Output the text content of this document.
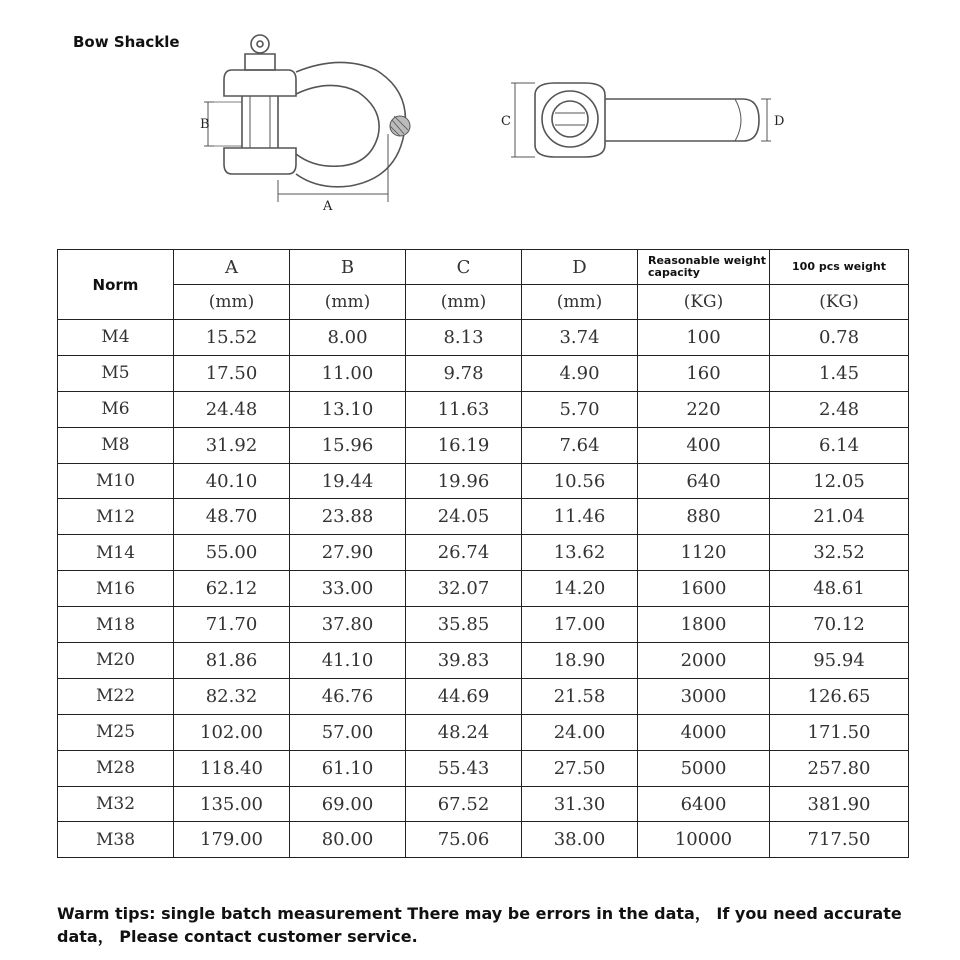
Bow Shackle
B
A
C	D
Norm	A	B	C	D	Reasonable weight capacity	100 pcs weight
	(mm)	(mm)	(mm)	(mm)	(KG)	(KG)
M4	15.52	8.00	8.13	3.74	100	0.78
M5	17.50	11.00	9.78	4.90	160	1.45
M6	24.48	13.10	11.63	5.70	220	2.48
M8	31.92	15.96	16.19	7.64	400	6.14
M10	40.10	19.44	19.96	10.56	640	12.05
M12	48.70	23.88	24.05	11.46	880	21.04
M14	55.00	27.90	26.74	13.62	1120	32.52
M16	62.12	33.00	32.07	14.20	1600	48.61
M18	71.70	37.80	35.85	17.00	1800	70.12
M20	81.86	41.10	39.83	18.90	2000	95.94
M22	82.32	46.76	44.69	21.58	3000	126.65
M25	102.00	57.00	48.24	24.00	4000	171.50
M28	118.40	61.10	55.43	27.50	5000	257.80
M32	135.00	69.00	67.52	31.30	6400	381.90
M38	179.00	80.00	75.06	38.00	10000	717.50
Warm tips: single batch measurement There may be errors in the data， If you need accurate data， Please contact customer service.
